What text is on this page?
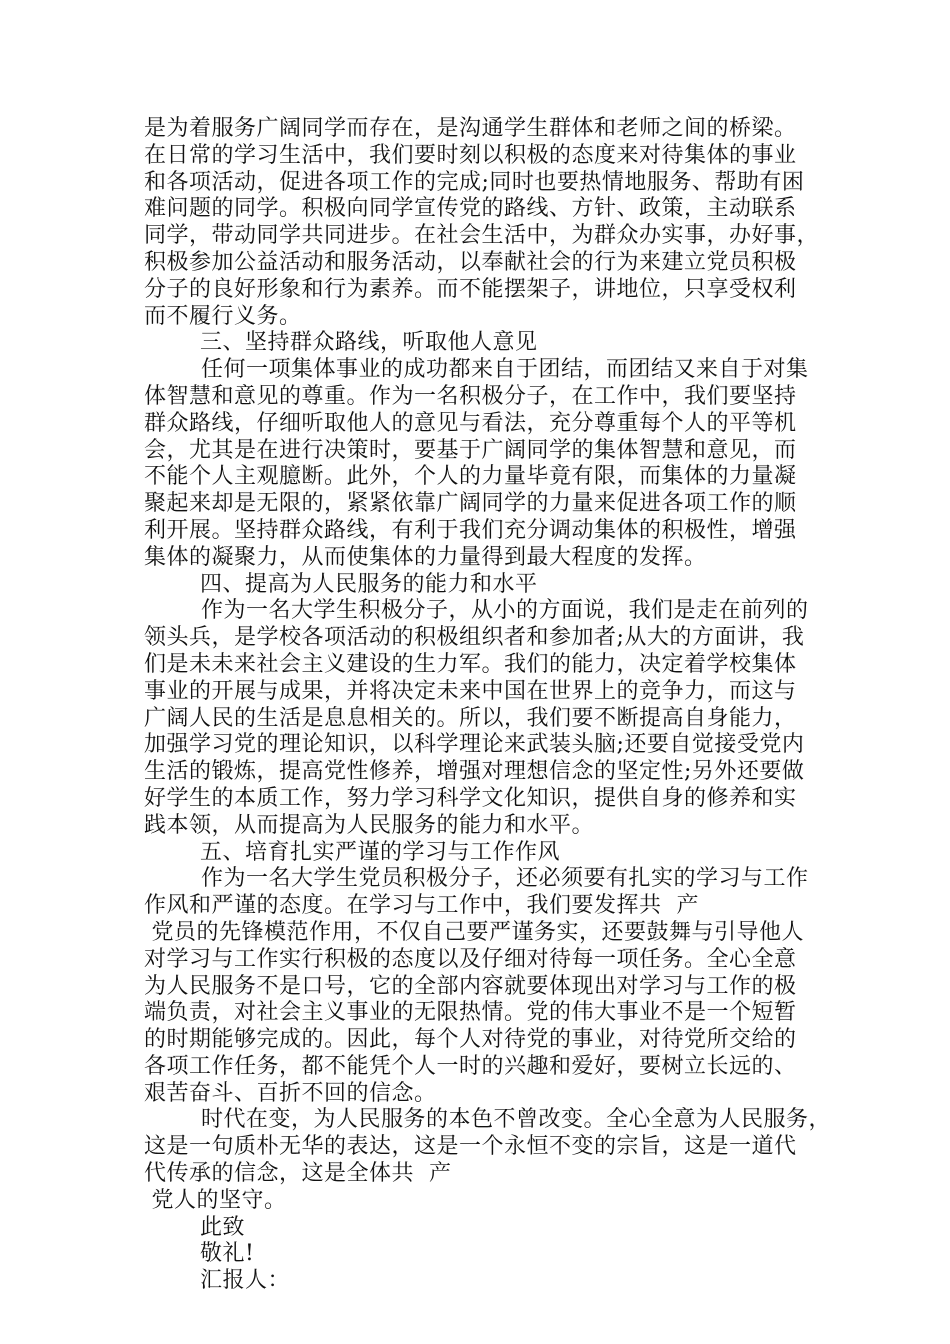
是为着服务广阔同学而存在，是沟通学生群体和老师之间的桥梁。
在日常的学习生活中，我们要时刻以积极的态度来对待集体的事业
和各项活动，促进各项工作的完成;同时也要热情地服务、帮助有困
难问题的同学。积极向同学宣传党的路线、方针、政策，主动联系
同学，带动同学共同进步。在社会生活中，为群众办实事，办好事，
积极参加公益活动和服务活动，以奉献社会的行为来建立党员积极
分子的良好形象和行为素养。而不能摆架子，讲地位，只享受权利
而不履行义务。
三、坚持群众路线，听取他人意见
任何一项集体事业的成功都来自于团结，而团结又来自于对集
体智慧和意见的尊重。作为一名积极分子，在工作中，我们要坚持
群众路线，仔细听取他人的意见与看法，充分尊重每个人的平等机
会，尤其是在进行决策时，要基于广阔同学的集体智慧和意见，而
不能个人主观臆断。此外，个人的力量毕竟有限，而集体的力量凝
聚起来却是无限的，紧紧依靠广阔同学的力量来促进各项工作的顺
利开展。坚持群众路线，有利于我们充分调动集体的积极性，增强
集体的凝聚力，从而使集体的力量得到最大程度的发挥。
四、提高为人民服务的能力和水平
作为一名大学生积极分子，从小的方面说，我们是走在前列的
领头兵，是学校各项活动的积极组织者和参加者;从大的方面讲，我
们是未未来社会主义建设的生力军。我们的能力，决定着学校集体
事业的开展与成果，并将决定未来中国在世界上的竞争力，而这与
广阔人民的生活是息息相关的。所以，我们要不断提高自身能力，
加强学习党的理论知识，以科学理论来武装头脑;还要自觉接受党内
生活的锻炼，提高党性修养，增强对理想信念的坚定性;另外还要做
好学生的本质工作，努力学习科学文化知识，提供自身的修养和实
践本领，从而提高为人民服务的能力和水平。
五、培育扎实严谨的学习与工作作风
作为一名大学生党员积极分子，还必须要有扎实的学习与工作
作风和严谨的态度。在学习与工作中，我们要发挥共  产
党员的先锋模范作用，不仅自己要严谨务实，还要鼓舞与引导他人
对学习与工作实行积极的态度以及仔细对待每一项任务。全心全意
为人民服务不是口号，它的全部内容就要体现出对学习与工作的极
端负责，对社会主义事业的无限热情。党的伟大事业不是一个短暂
的时期能够完成的。因此，每个人对待党的事业，对待党所交给的
各项工作任务，都不能凭个人一时的兴趣和爱好，要树立长远的、
艰苦奋斗、百折不回的信念。
时代在变，为人民服务的本色不曾改变。全心全意为人民服务，
这是一句质朴无华的表达，这是一个永恒不变的宗旨，这是一道代
代传承的信念，这是全体共  产
党人的坚守。
此致
敬礼!
汇报人：
